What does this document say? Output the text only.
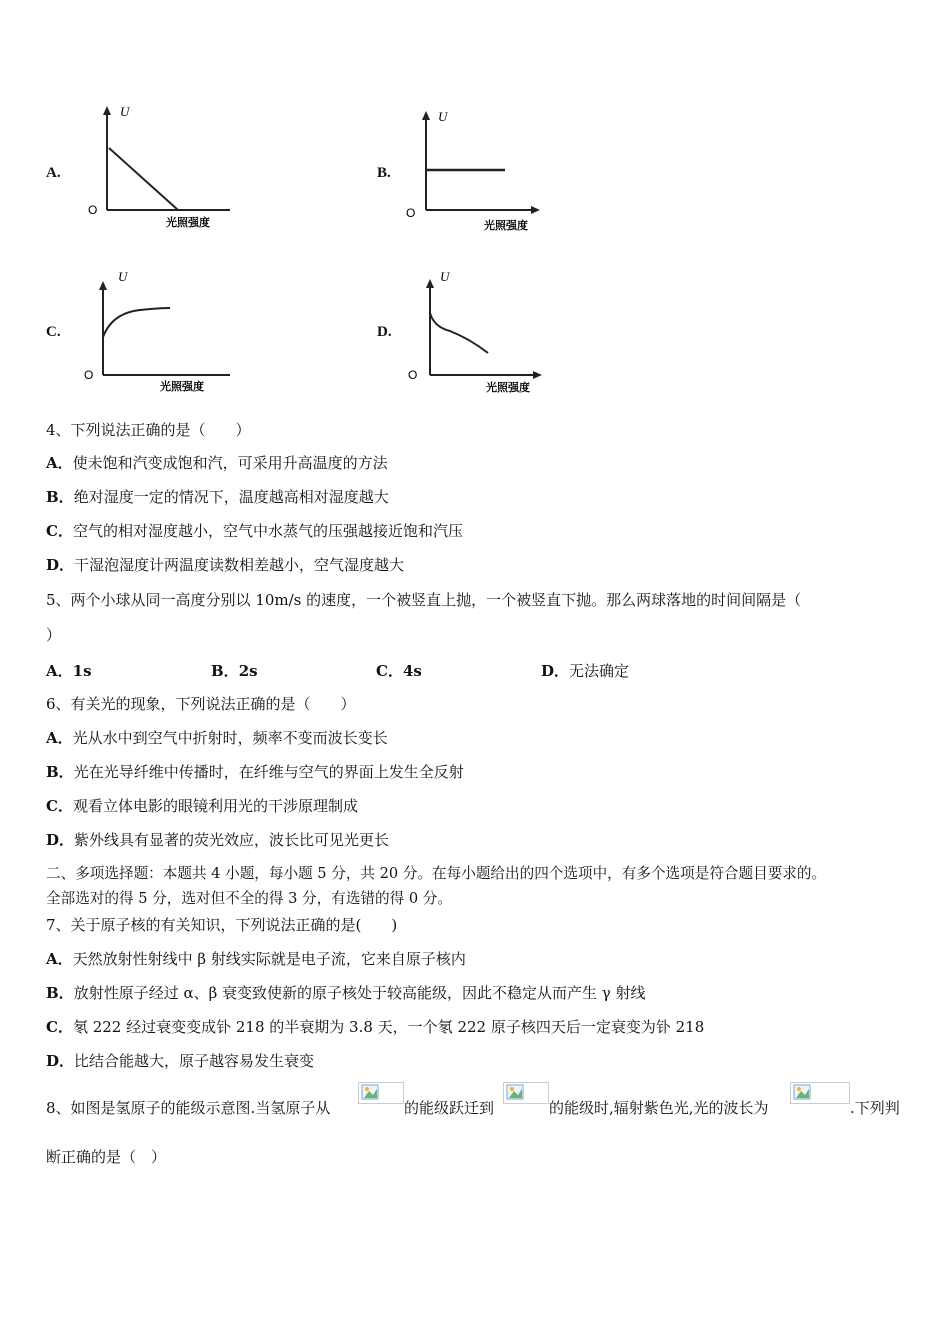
A.
U
O
光照强度
B.
U
O
光照强度
C.
U
O
光照强度
D.
U
O
光照强度
4、下列说法正确的是（　　）
A．使未饱和汽变成饱和汽，可采用升高温度的方法
B．绝对湿度一定的情况下，温度越高相对湿度越大
C．空气的相对湿度越小，空气中水蒸气的压强越接近饱和汽压
D．干湿泡湿度计两温度读数相差越小，空气湿度越大
5、两个小球从同一高度分别以 10m/s 的速度，一个被竖直上抛，一个被竖直下抛。那么两球落地的时间间隔是（
）
A．1s	B．2s	C．4s	D．无法确定
6、有关光的现象，下列说法正确的是（　　）
A．光从水中到空气中折射时，频率不变而波长变长
B．光在光导纤维中传播时，在纤维与空气的界面上发生全反射
C．观看立体电影的眼镜利用光的干涉原理制成
D．紫外线具有显著的荧光效应，波长比可见光更长
二、多项选择题：本题共 4 小题，每小题 5 分，共 20 分。在每小题给出的四个选项中，有多个选项是符合题目要求的。
全部选对的得 5 分，选对但不全的得 3 分，有选错的得 0 分。
7、关于原子核的有关知识，下列说法正确的是(　　)
A．天然放射性射线中 β 射线实际就是电子流，它来自原子核内
B．放射性原子经过 α、β 衰变致使新的原子核处于较高能级，因此不稳定从而产生 γ 射线
C．氡 222 经过衰变变成钋 218 的半衰期为 3.8 天，一个氡 222 原子核四天后一定衰变为钋 218
D．比结合能越大，原子越容易发生衰变
8、如图是氢原子的能级示意图.当氢原子从	的能级跃迁到	的能级时,辐射紫色光,光的波长为	.下列判
断正确的是（　）
